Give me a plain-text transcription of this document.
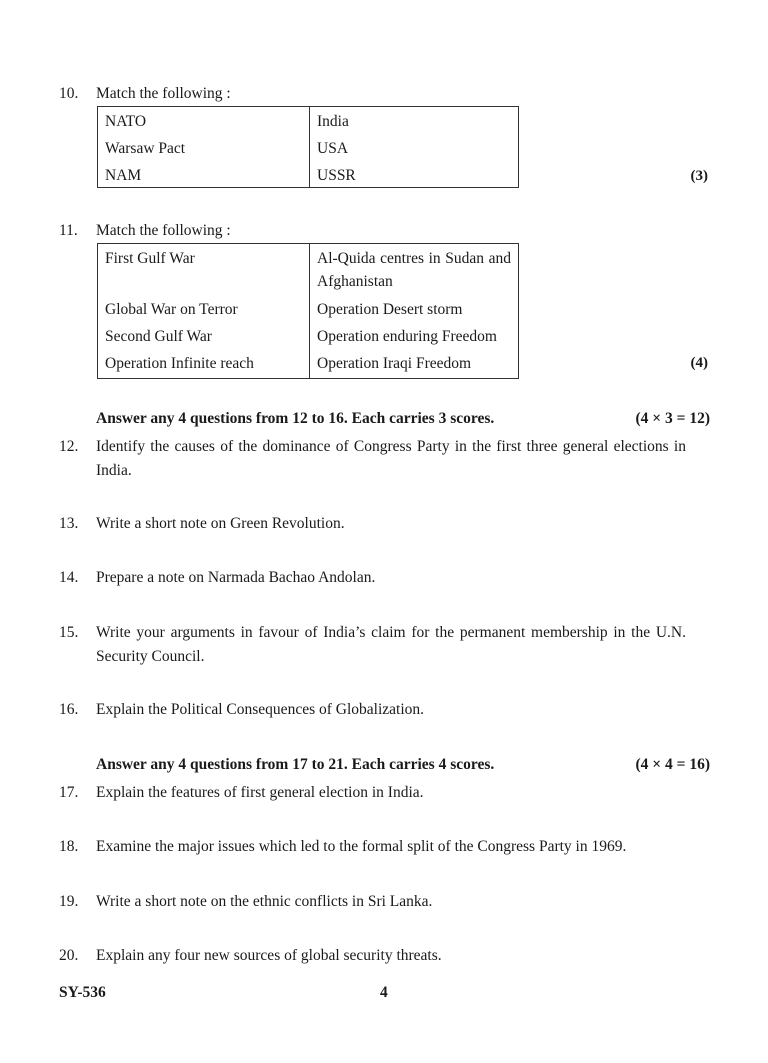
10. Match the following :
NATO	India
Warsaw Pact	USA
NAM	USSR	(3)
11. Match the following :
First Gulf War	Al-Quida centres in Sudan and Afghanistan
Global War on Terror	Operation Desert storm
Second Gulf War	Operation enduring Freedom
Operation Infinite reach	Operation Iraqi Freedom	(4)
Answer any 4 questions from 12 to 16. Each carries 3 scores.	(4 × 3 = 12)
12. Identify the causes of the dominance of Congress Party in the first three general elections in India.
13. Write a short note on Green Revolution.
14. Prepare a note on Narmada Bachao Andolan.
15. Write your arguments in favour of India’s claim for the permanent membership in the U.N. Security Council.
16. Explain the Political Consequences of Globalization.
Answer any 4 questions from 17 to 21. Each carries 4 scores.	(4 × 4 = 16)
17. Explain the features of first general election in India.
18. Examine the major issues which led to the formal split of the Congress Party in 1969.
19. Write a short note on the ethnic conflicts in Sri Lanka.
20. Explain any four new sources of global security threats.
SY-536	4
